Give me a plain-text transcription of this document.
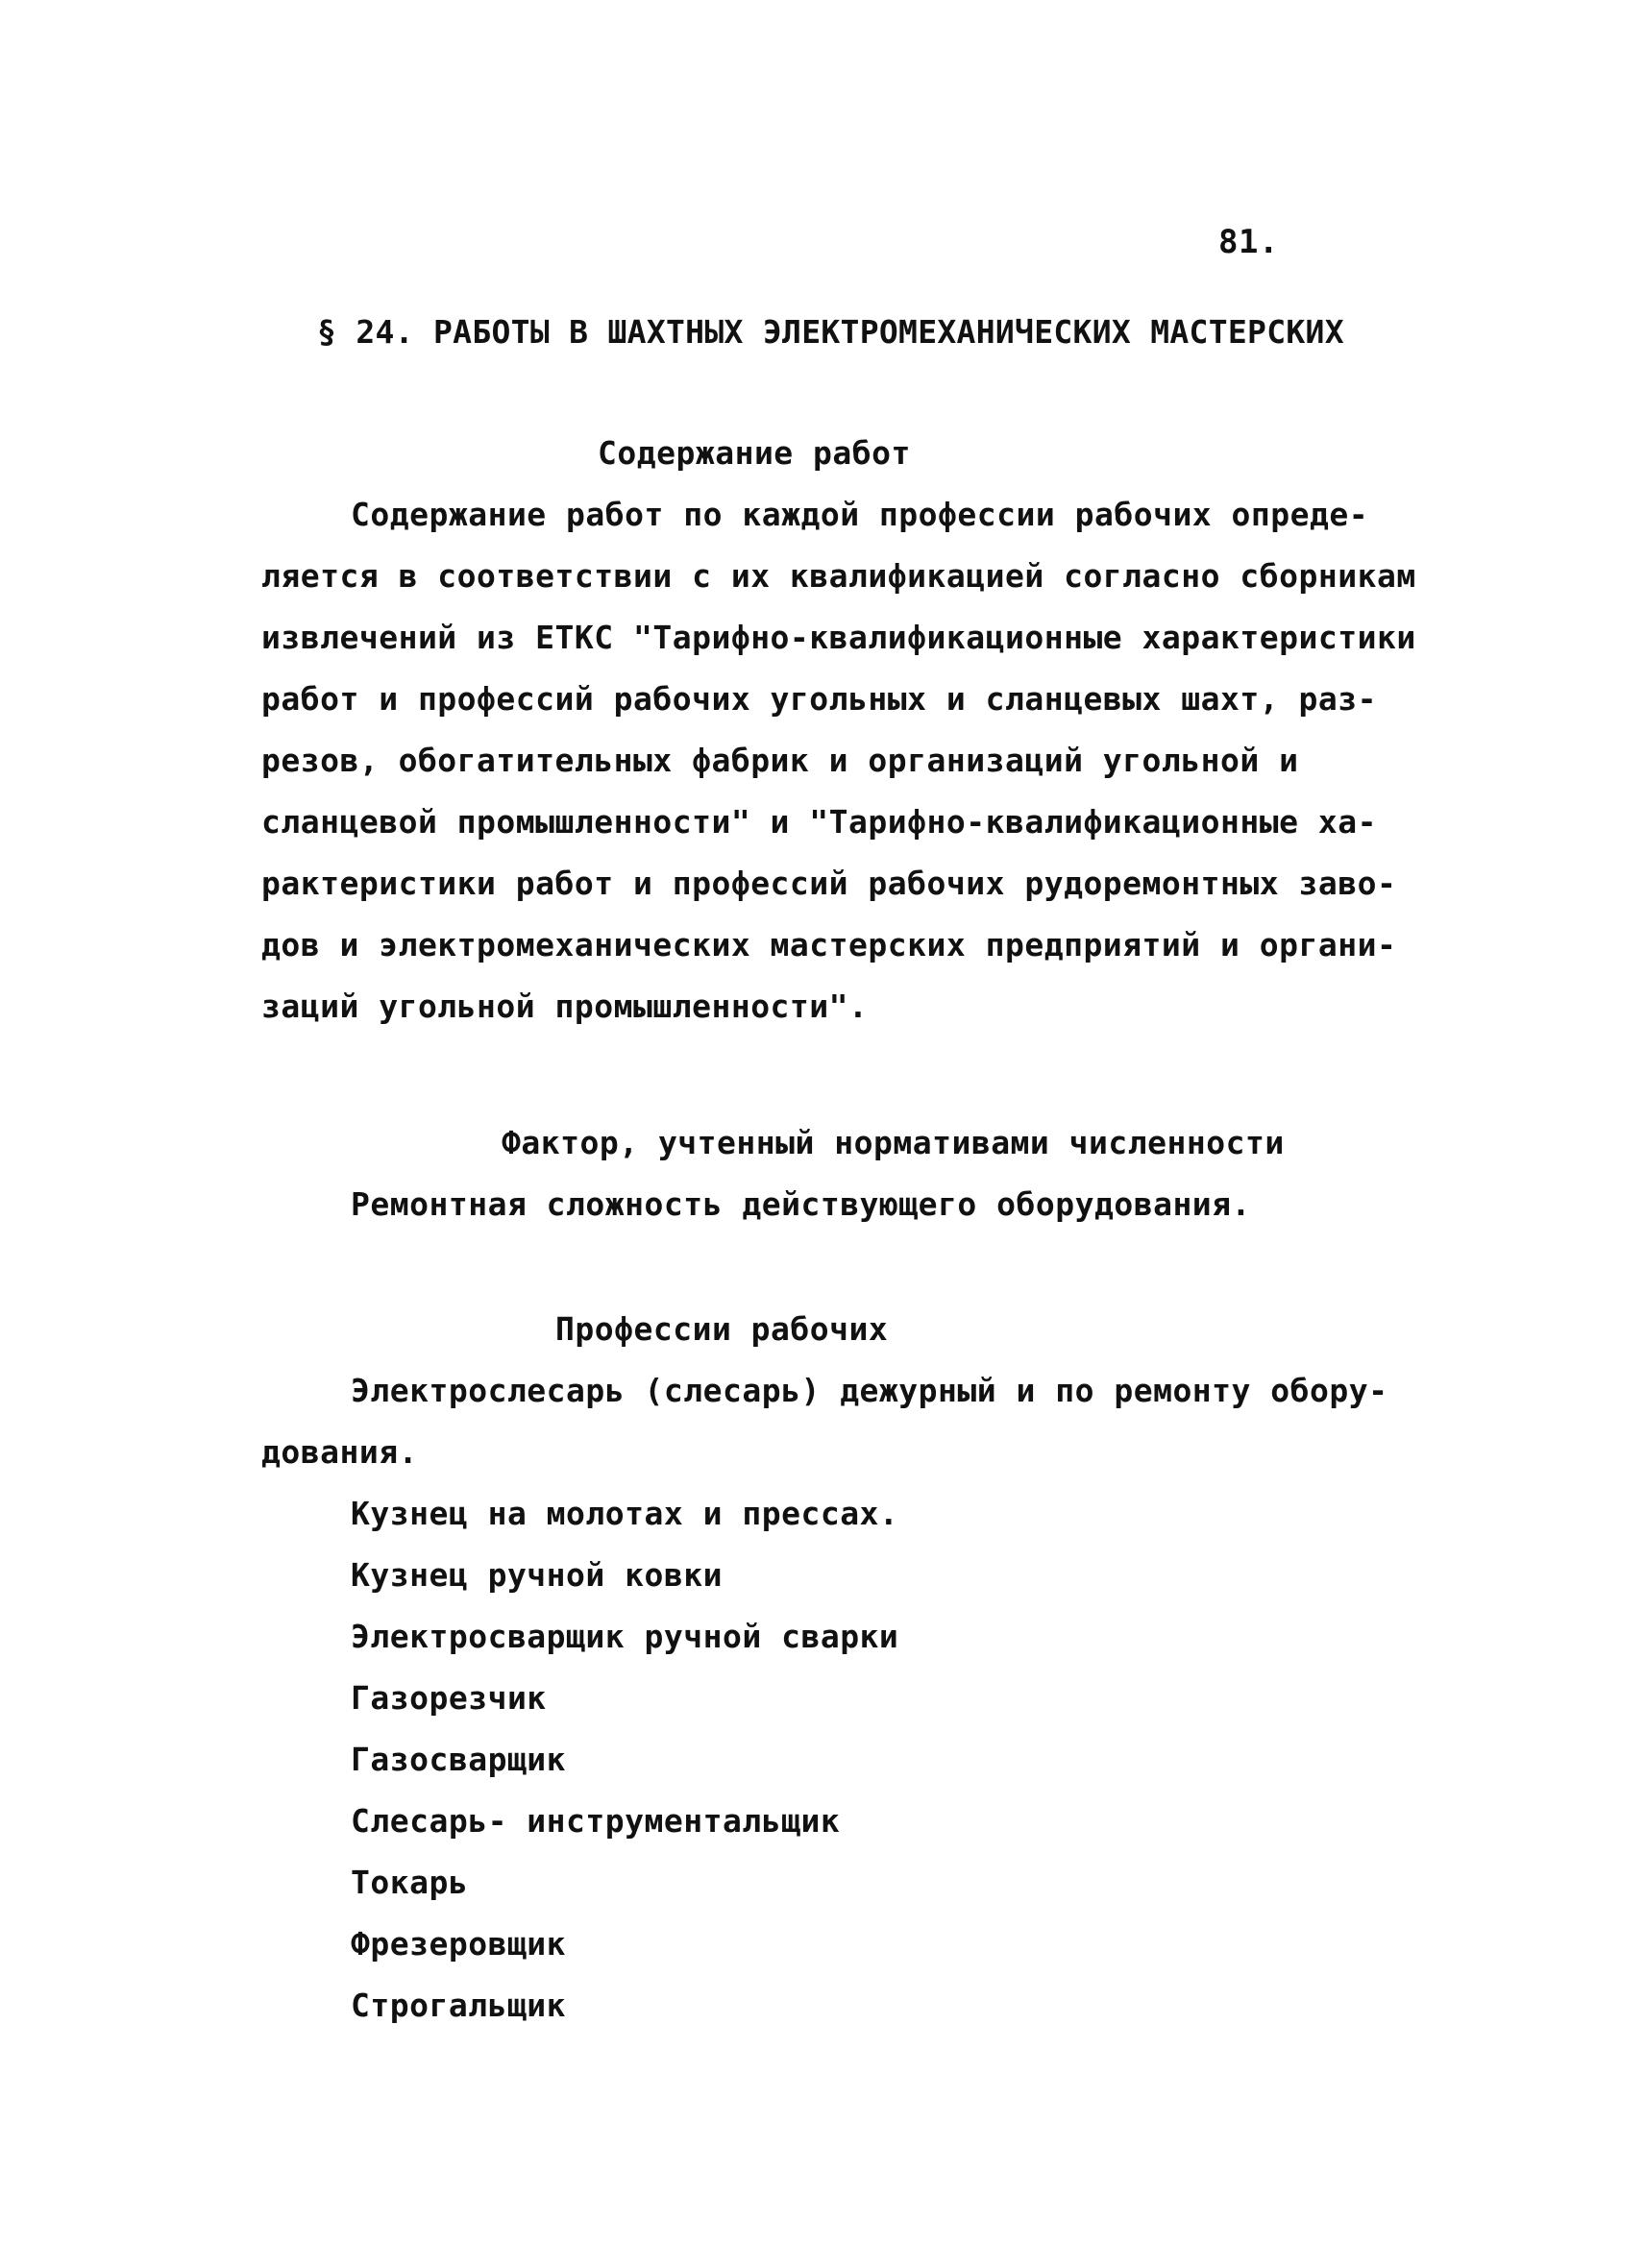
81.
§ 24. РАБОТЫ В ШАХТНЫХ ЭЛЕКТРОМЕХАНИЧЕСКИХ МАСТЕРСКИХ
Содержание работ
Содержание работ по каждой профессии рабочих опреде-
ляется в соответствии с их квалификацией согласно сборникам
извлечений из ЕТКС "Тарифно-квалификационные характеристики
работ и профессий рабочих угольных и сланцевых шахт, раз-
резов, обогатительных фабрик и организаций угольной и
сланцевой промышленности" и "Тарифно-квалификационные ха-
рактеристики работ и профессий рабочих рудоремонтных заво-
дов и электромеханических мастерских предприятий и органи-
заций угольной промышленности".
Фактор, учтенный нормативами численности
Ремонтная сложность действующего оборудования.
Профессии рабочих
Электрослесарь (слесарь) дежурный и по ремонту обору-
дования.
Кузнец на молотах и прессах.
Кузнец ручной ковки
Электросварщик ручной сварки
Газорезчик
Газосварщик
Слесарь- инструментальщик
Токарь
Фрезеровщик
Строгальщик
